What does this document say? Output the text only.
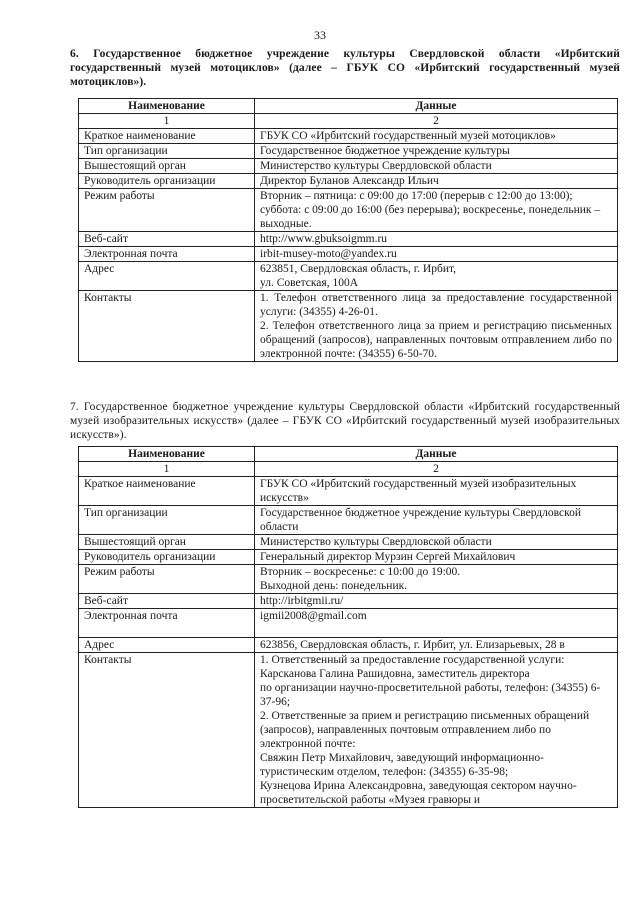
33
6. Государственное бюджетное учреждение культуры Свердловской области «Ирбитский государственный музей мотоциклов» (далее – ГБУК СО «Ирбитский государственный музей мотоциклов»).
Наименование	Данные
1	2
Краткое наименование	ГБУК СО «Ирбитский государственный музей мотоциклов»
Тип организации	Государственное бюджетное учреждение культуры
Вышестоящий орган	Министерство культуры Свердловской области
Руководитель организации	Директор Буланов Александр Ильич
Режим работы	Вторник – пятница: с 09:00 до 17:00 (перерыв с 12:00 до 13:00); суббота: с 09:00 до 16:00 (без перерыва); воскресенье, понедельник – выходные.
Веб-сайт	http://www.gbuksoigmm.ru
Электронная почта	irbit-musey-moto@yandex.ru
Адрес	623851, Свердловская область, г. Ирбит,
ул. Советская, 100А
Контакты	1. Телефон ответственного лица за предоставление государственной услуги: (34355) 4-26-01.
2. Телефон ответственного лица за прием и регистрацию письменных обращений (запросов), направленных почтовым отправлением либо по электронной почте: (34355) 6-50-70.
7. Государственное бюджетное учреждение культуры Свердловской области «Ирбитский государственный музей изобразительных искусств» (далее – ГБУК СО «Ирбитский государственный музей изобразительных искусств»).
Наименование	Данные
1	2
Краткое наименование	ГБУК СО «Ирбитский государственный музей изобразительных искусств»
Тип организации	Государственное бюджетное учреждение культуры Свердловской области
Вышестоящий орган	Министерство культуры Свердловской области
Руководитель организации	Генеральный директор Мурзин Сергей Михайлович
Режим работы	Вторник – воскресенье: с 10:00 до 19:00.
Выходной день: понедельник.
Веб-сайт	http://irbitgmii.ru/
Электронная почта	igmii2008@gmail.com
Адрес	623856, Свердловская область, г. Ирбит, ул. Елизарьевых, 28 в
Контакты	1. Ответственный за предоставление государственной услуги: Карсканова Галина Рашидовна, заместитель директора
по организации научно-просветительной работы, телефон: (34355) 6-37-96;
2. Ответственные за прием и регистрацию письменных обращений (запросов), направленных почтовым отправлением либо по электронной почте:
Свяжин Петр Михайлович, заведующий информационно-туристическим отделом, телефон: (34355) 6-35-98;
Кузнецова Ирина Александровна, заведующая сектором научно-просветительской работы «Музея гравюры и
